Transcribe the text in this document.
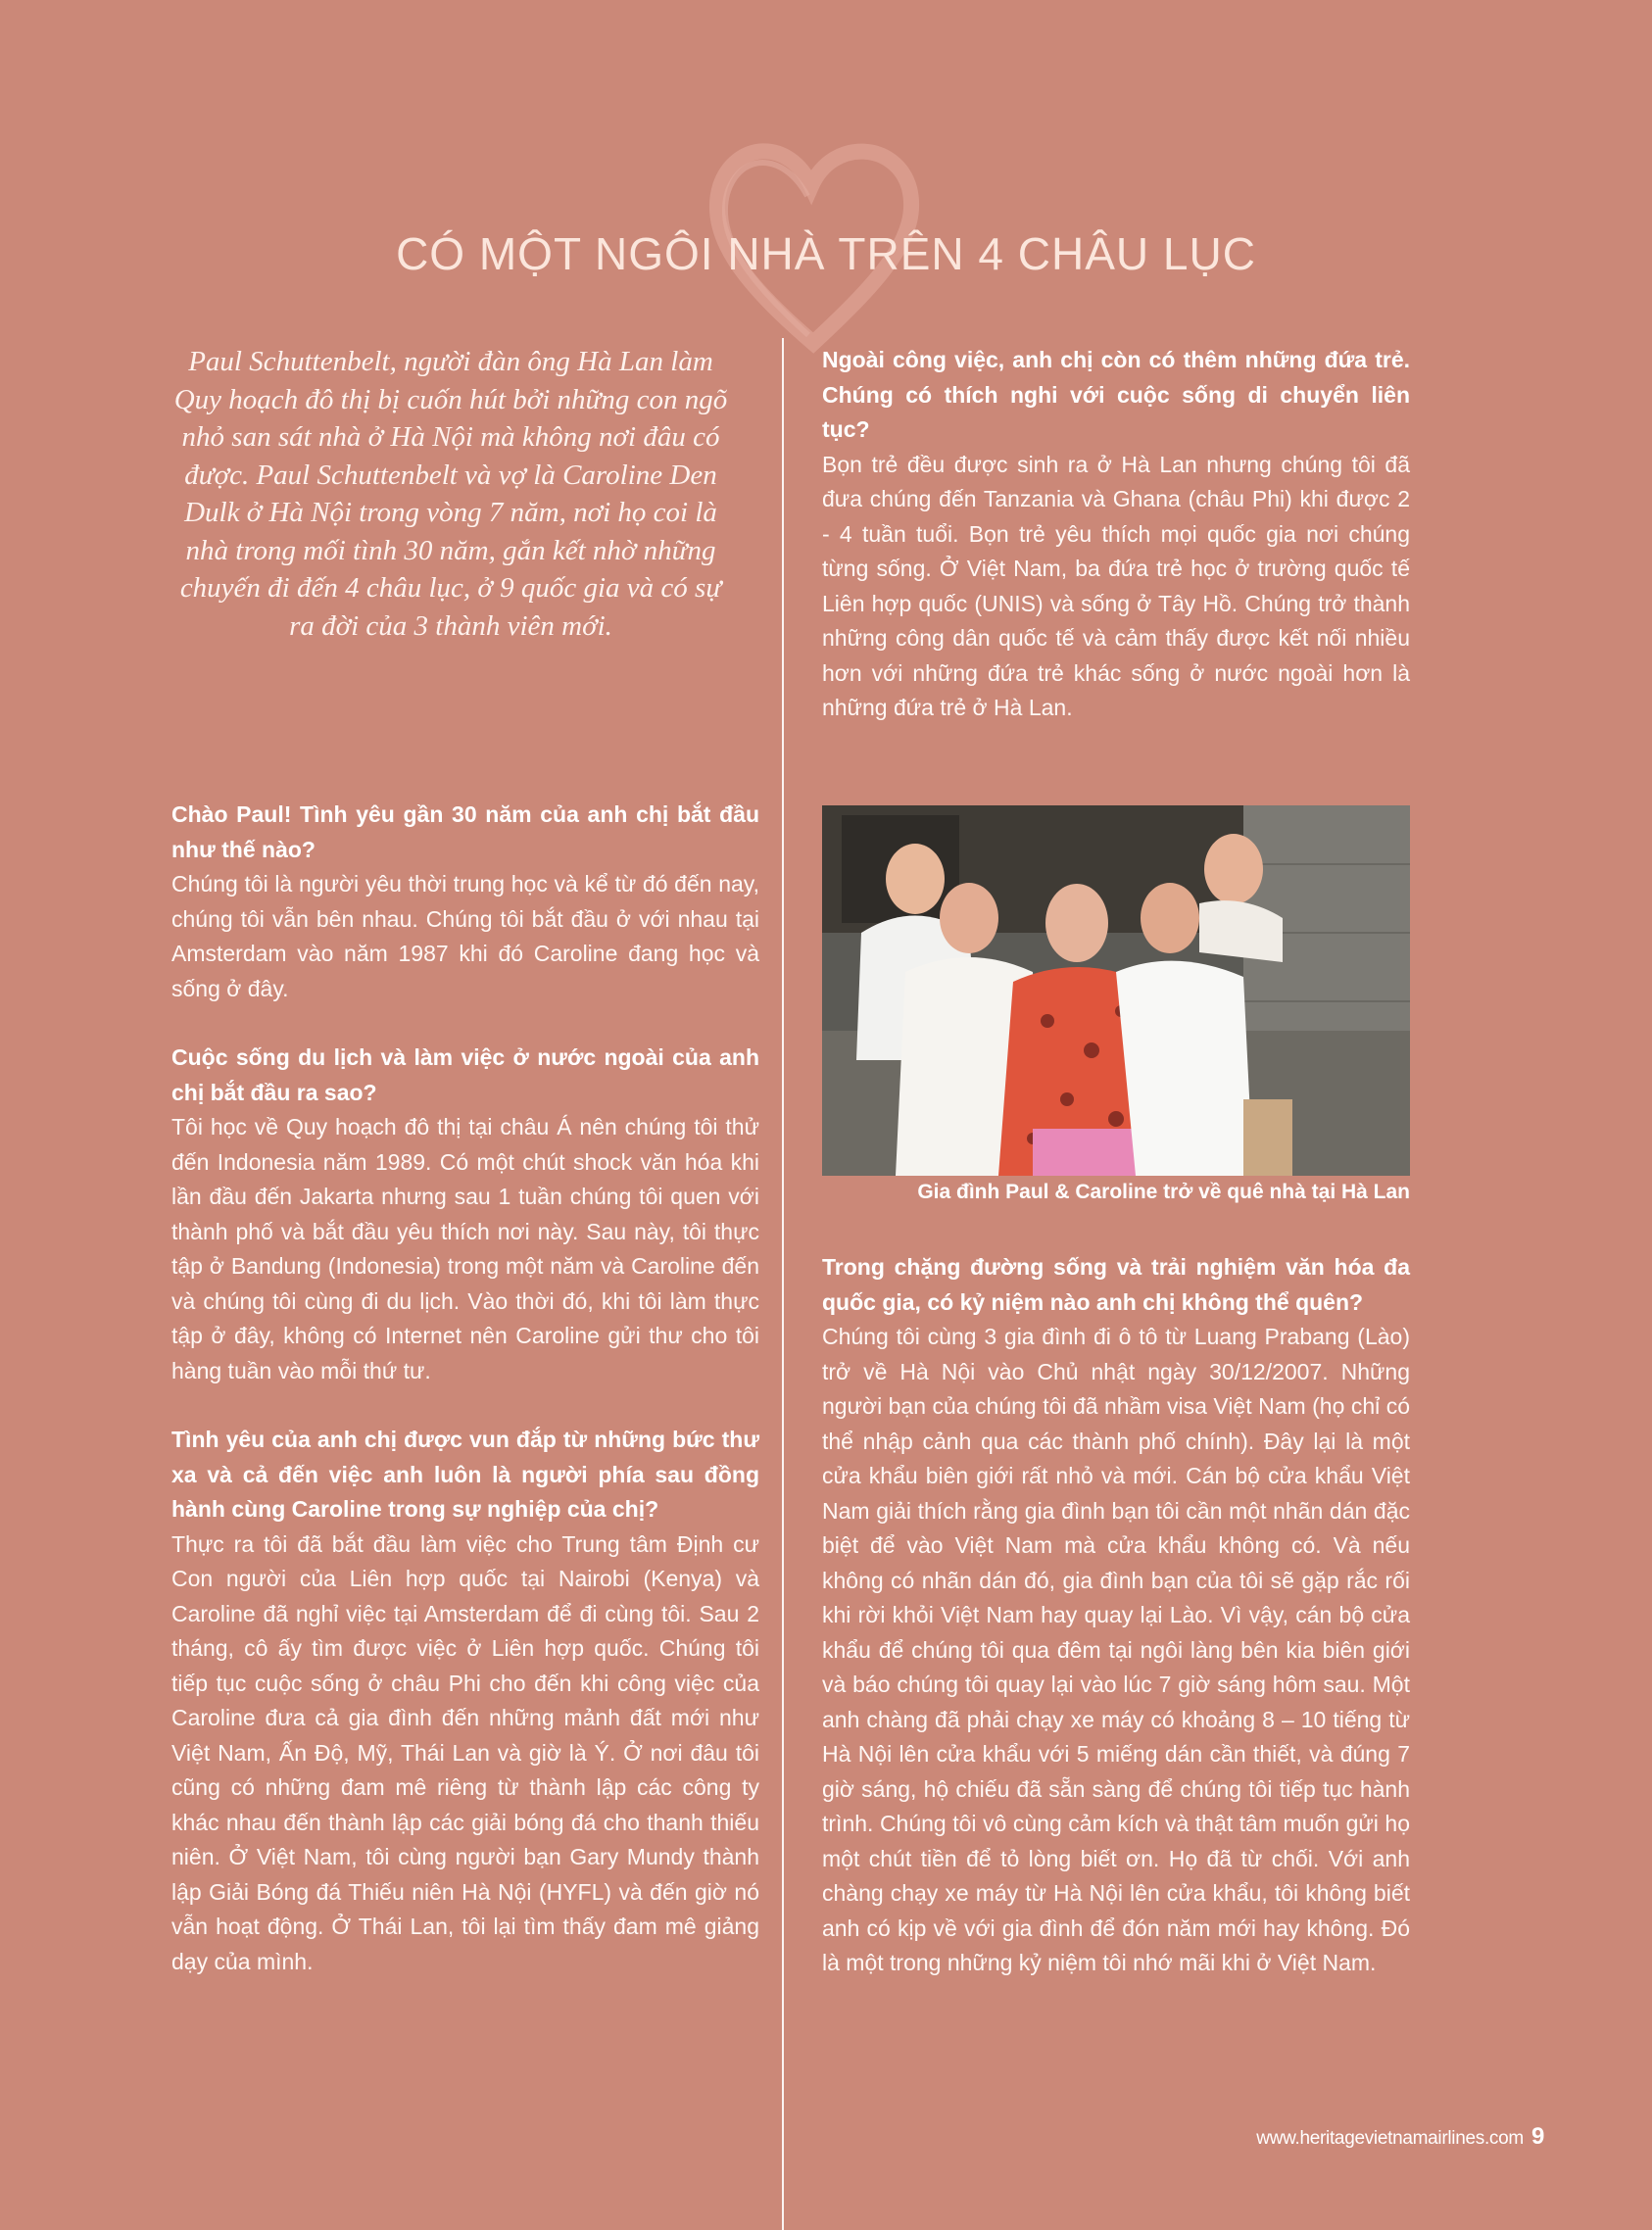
CÓ MỘT NGÔI NHÀ TRÊN 4 CHÂU LỤC

Paul Schuttenbelt, người đàn ông Hà Lan làm Quy hoạch đô thị bị cuốn hút bởi những con ngõ nhỏ san sát nhà ở Hà Nội mà không nơi đâu có được. Paul Schuttenbelt và vợ là Caroline Den Dulk ở Hà Nội trong vòng 7 năm, nơi họ coi là nhà trong mối tình 30 năm, gắn kết nhờ những chuyến đi đến 4 châu lục, ở 9 quốc gia và có sự ra đời của 3 thành viên mới.

Chào Paul! Tình yêu gần 30 năm của anh chị bắt đầu như thế nào?

Chúng tôi là người yêu thời trung học và kể từ đó đến nay, chúng tôi vẫn bên nhau. Chúng tôi bắt đầu ở với nhau tại Amsterdam vào năm 1987 khi đó Caroline đang học và sống ở đây.

Cuộc sống du lịch và làm việc ở nước ngoài của anh chị bắt đầu ra sao?

Tôi học về Quy hoạch đô thị tại châu Á nên chúng tôi thử đến Indonesia năm 1989. Có một chút shock văn hóa khi lần đầu đến Jakarta nhưng sau 1 tuần chúng tôi quen với thành phố và bắt đầu yêu thích nơi này. Sau này, tôi thực tập ở Bandung (Indonesia) trong một năm và Caroline đến và chúng tôi cùng đi du lịch. Vào thời đó, khi tôi làm thực tập ở đây, không có Internet nên Caroline gửi thư cho tôi hàng tuần vào mỗi thứ tư.

Tình yêu của anh chị được vun đắp từ những bức thư xa và cả đến việc anh luôn là người phía sau đồng hành cùng Caroline trong sự nghiệp của chị?

Thực ra tôi đã bắt đầu làm việc cho Trung tâm Định cư Con người của Liên hợp quốc tại Nairobi (Kenya) và Caroline đã nghỉ việc tại Amsterdam để đi cùng tôi. Sau 2 tháng, cô ấy tìm được việc ở Liên hợp quốc. Chúng tôi tiếp tục cuộc sống ở châu Phi cho đến khi công việc của Caroline đưa cả gia đình đến những mảnh đất mới như Việt Nam, Ấn Độ, Mỹ, Thái Lan và giờ là Ý. Ở nơi đâu tôi cũng có những đam mê riêng từ thành lập các công ty khác nhau đến thành lập các giải bóng đá cho thanh thiếu niên. Ở Việt Nam, tôi cùng người bạn Gary Mundy thành lập Giải Bóng đá Thiếu niên Hà Nội (HYFL) và đến giờ nó vẫn hoạt động. Ở Thái Lan, tôi lại tìm thấy đam mê giảng dạy của mình.

Ngoài công việc, anh chị còn có thêm những đứa trẻ. Chúng có thích nghi với cuộc sống di chuyển liên tục?

Bọn trẻ đều được sinh ra ở Hà Lan nhưng chúng tôi đã đưa chúng đến Tanzania và Ghana (châu Phi) khi được 2 - 4 tuần tuổi. Bọn trẻ yêu thích mọi quốc gia nơi chúng từng sống. Ở Việt Nam, ba đứa trẻ học ở trường quốc tế Liên hợp quốc (UNIS) và sống ở Tây Hồ. Chúng trở thành những công dân quốc tế và cảm thấy được kết nối nhiều hơn với những đứa trẻ khác sống ở nước ngoài hơn là những đứa trẻ ở Hà Lan.

Gia đình Paul & Caroline trở về quê nhà tại Hà Lan

Trong chặng đường sống và trải nghiệm văn hóa đa quốc gia, có kỷ niệm nào anh chị không thể quên?

Chúng tôi cùng 3 gia đình đi ô tô từ Luang Prabang (Lào) trở về Hà Nội vào Chủ nhật ngày 30/12/2007. Những người bạn của chúng tôi đã nhầm visa Việt Nam (họ chỉ có thể nhập cảnh qua các thành phố chính). Đây lại là một cửa khẩu biên giới rất nhỏ và mới. Cán bộ cửa khẩu Việt Nam giải thích rằng gia đình bạn tôi cần một nhãn dán đặc biệt để vào Việt Nam mà cửa khẩu không có. Và nếu không có nhãn dán đó, gia đình bạn của tôi sẽ gặp rắc rối khi rời khỏi Việt Nam hay quay lại Lào. Vì vậy, cán bộ cửa khẩu để chúng tôi qua đêm tại ngôi làng bên kia biên giới và báo chúng tôi quay lại vào lúc 7 giờ sáng hôm sau. Một anh chàng đã phải chạy xe máy có khoảng 8 – 10 tiếng từ Hà Nội lên cửa khẩu với 5 miếng dán cần thiết, và đúng 7 giờ sáng, hộ chiếu đã sẵn sàng để chúng tôi tiếp tục hành trình. Chúng tôi vô cùng cảm kích và thật tâm muốn gửi họ một chút tiền để tỏ lòng biết ơn. Họ đã từ chối. Với anh chàng chạy xe máy từ Hà Nội lên cửa khẩu, tôi không biết anh có kịp về với gia đình để đón năm mới hay không. Đó là một trong những kỷ niệm tôi nhớ mãi khi ở Việt Nam.

www.heritagevietnamairlines.com 9
